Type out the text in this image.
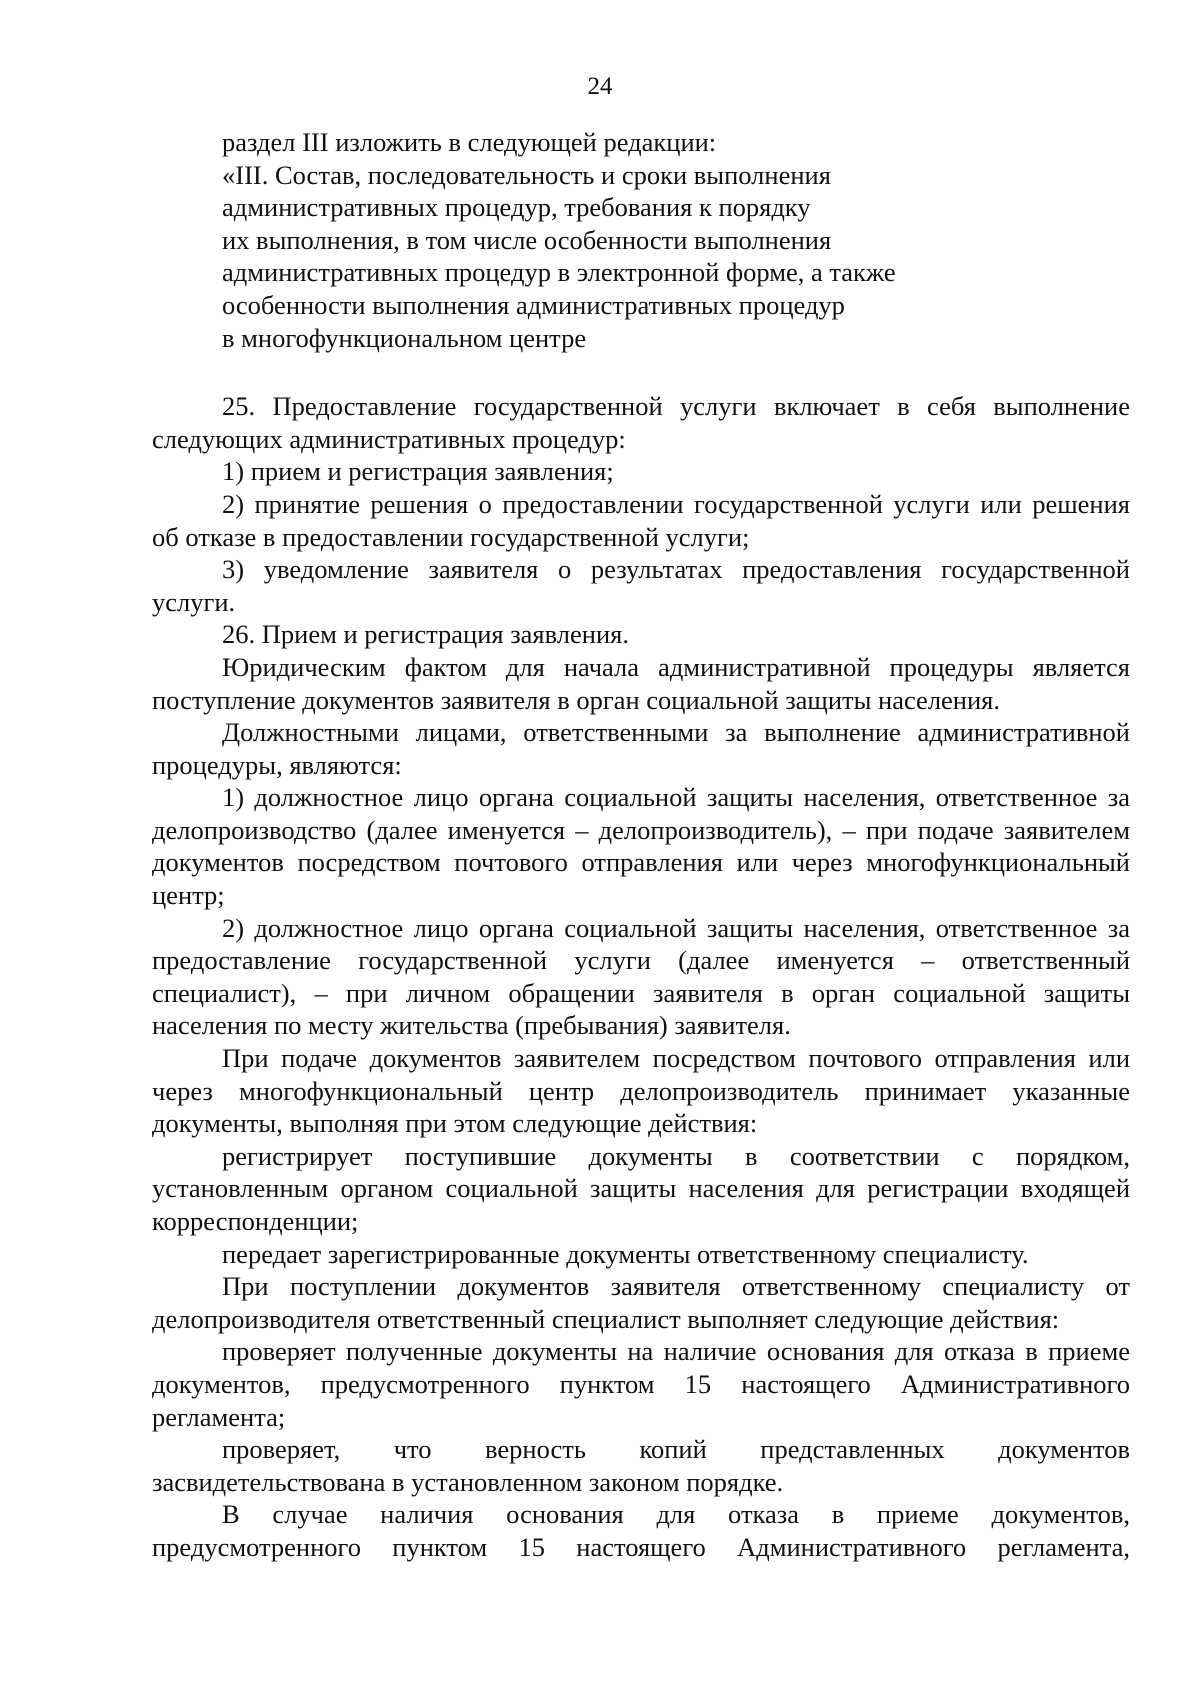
24

раздел III изложить в следующей редакции:

«III. Состав, последовательность и сроки выполнения

административных процедур, требования к порядку

их выполнения, в том числе особенности выполнения

административных процедур в электронной форме, а также

особенности выполнения административных процедур

в многофункциональном центре

25. Предоставление государственной услуги включает в себя выполнение следующих административных процедур:

1) прием и регистрация заявления;

2) принятие решения о предоставлении государственной услуги или решения об отказе в предоставлении государственной услуги;

3) уведомление заявителя о результатах предоставления государственной услуги.

26. Прием и регистрация заявления.

Юридическим фактом для начала административной процедуры является поступление документов заявителя в орган социальной защиты населения.

Должностными лицами, ответственными за выполнение административной процедуры, являются:

1) должностное лицо органа социальной защиты населения, ответственное за делопроизводство (далее именуется – делопроизводитель), – при подаче заявителем документов посредством почтового отправления или через многофункциональный центр;

2) должностное лицо органа социальной защиты населения, ответственное за предоставление государственной услуги (далее именуется – ответственный специалист), – при личном обращении заявителя в орган социальной защиты населения по месту жительства (пребывания) заявителя.

При подаче документов заявителем посредством почтового отправления или через многофункциональный центр делопроизводитель принимает указанные документы, выполняя при этом следующие действия:

регистрирует поступившие документы в соответствии с порядком, установленным органом социальной защиты населения для регистрации входящей корреспонденции;

передает зарегистрированные документы ответственному специалисту.

При поступлении документов заявителя ответственному специалисту от делопроизводителя ответственный специалист выполняет следующие действия:

проверяет полученные документы на наличие основания для отказа в приеме документов, предусмотренного пунктом 15 настоящего Административного регламента;

проверяет, что верность копий представленных документов засвидетельствована в установленном законом порядке.

В случае наличия основания для отказа в приеме документов, предусмотренного пунктом 15 настоящего Административного регламента,
